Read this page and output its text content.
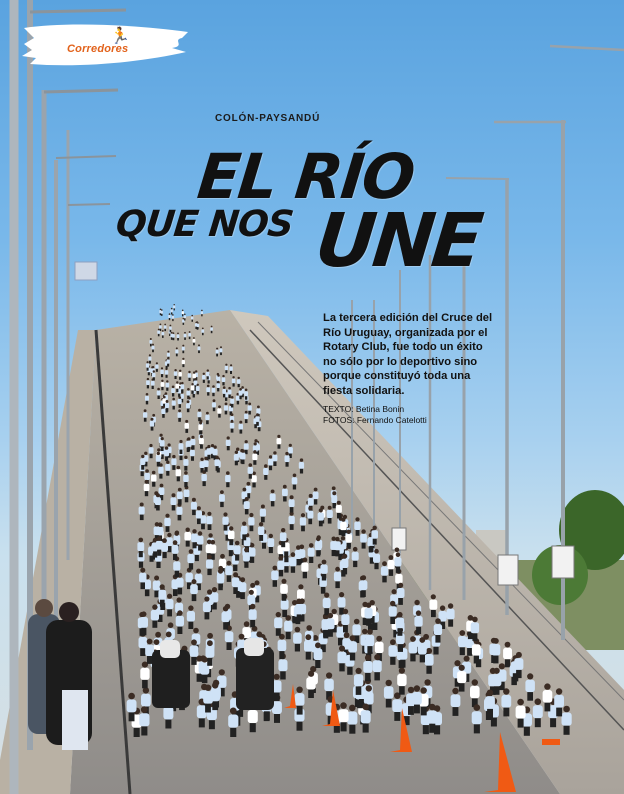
🏃
Corredores
COLÓN-PAYSANDÚ
EL RÍO
QUE NOS UNE

La tercera edición del Cruce del Río Uruguay, organizada por el Rotary Club, fue todo un éxito no sólo por lo deportivo sino porque constituyó toda una fiesta solidaria.

TEXTO: Betina Bonin
FOTOS: Fernando Catelotti
